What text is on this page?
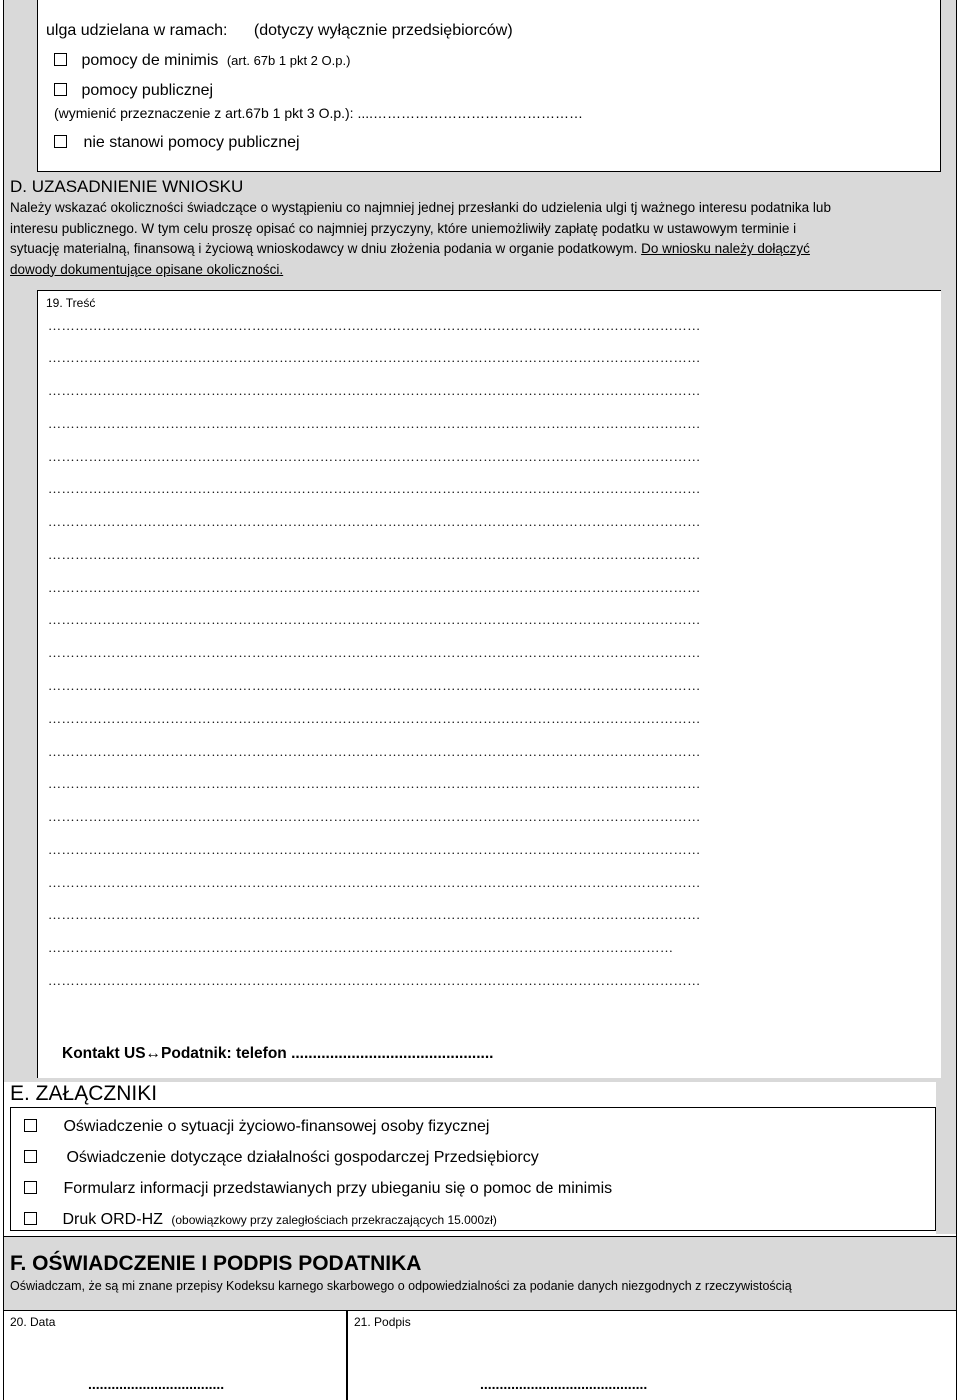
ulga udzielana w ramach: (dotyczy wyłącznie przedsiębiorców)
pomocy de minimis (art. 67b 1 pkt 2 O.p.)
pomocy publicznej
(wymienić przeznaczenie z art.67b 1 pkt 3 O.p.): ....………………………………………
nie stanowi pomocy publicznej
D. UZASADNIENIE WNIOSKU
Należy wskazać okoliczności świadczące o wystąpieniu co najmniej jednej przesłanki do udzielenia ulgi tj ważnego interesu podatnika lub
interesu publicznego. W tym celu proszę opisać co najmniej przyczyny, które uniemożliwiły zapłatę podatku w ustawowym terminie i
sytuację materialną, finansową i życiową wnioskodawcy w dniu złożenia podania w organie podatkowym. Do wniosku należy dołączyć
dowody dokumentujące opisane okoliczności.
19. Treść
………………………………………………………………………………………………………………………………
………………………………………………………………………………………………………………………………
………………………………………………………………………………………………………………………………
………………………………………………………………………………………………………………………………
………………………………………………………………………………………………………………………………
………………………………………………………………………………………………………………………………
………………………………………………………………………………………………………………………………
………………………………………………………………………………………………………………………………
………………………………………………………………………………………………………………………………
………………………………………………………………………………………………………………………………
………………………………………………………………………………………………………………………………
………………………………………………………………………………………………………………………………
………………………………………………………………………………………………………………………………
………………………………………………………………………………………………………………………………
………………………………………………………………………………………………………………………………
………………………………………………………………………………………………………………………………
………………………………………………………………………………………………………………………………
………………………………………………………………………………………………………………………………
………………………………………………………………………………………………………………………………
…………………………………………………………………………………………………………………………
………………………………………………………………………………………………………………………………
Kontakt US↔Podatnik: telefon ...............................................
E. ZAŁĄCZNIKI
Oświadczenie o sytuacji życiowo-finansowej osoby fizycznej
Oświadczenie dotyczące działalności gospodarczej Przedsiębiorcy
Formularz informacji przedstawianych przy ubieganiu się o pomoc de minimis
Druk ORD-HZ (obowiązkowy przy zaległościach przekraczających 15.000zł)
F. OŚWIADCZENIE I PODPIS PODATNIKA
Oświadczam, że są mi znane przepisy Kodeksu karnego skarbowego o odpowiedzialności za podanie danych niezgodnych z rzeczywistością
20. Data
...................................
21. Podpis
...........................................
